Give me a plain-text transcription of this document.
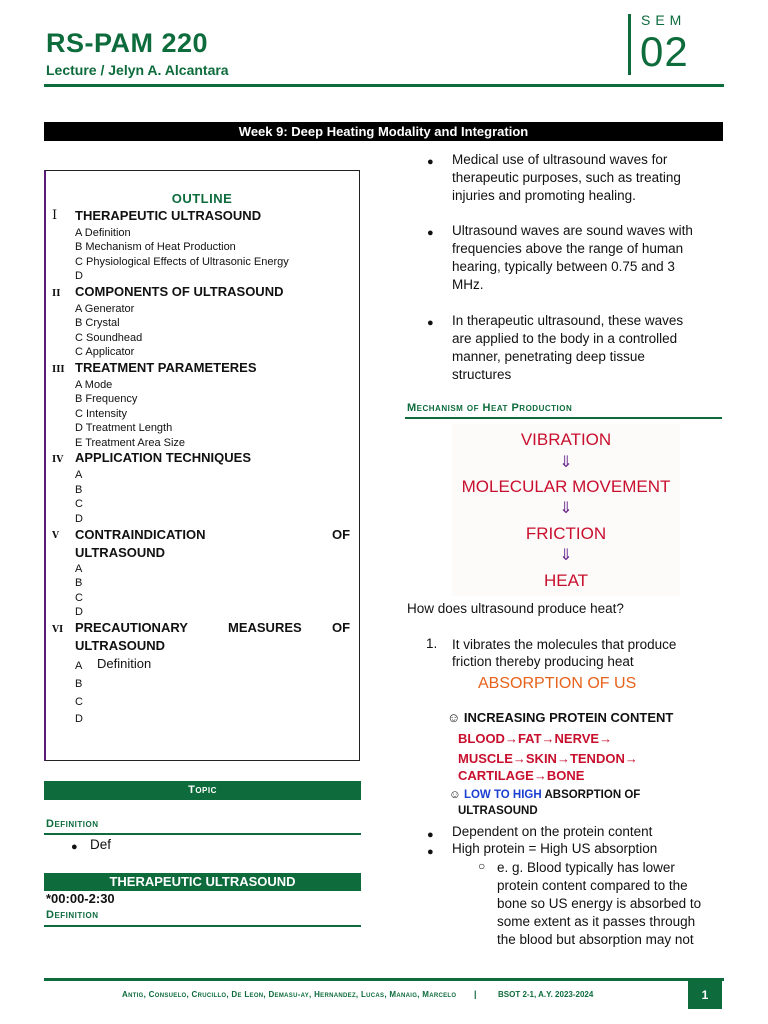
RS-PAM 220
Lecture / Jelyn A. Alcantara
SEM
02
Week 9: Deep Heating Modality and Integration
OUTLINE
I THERAPEUTIC ULTRASOUND
A Definition
B Mechanism of Heat Production
C Physiological Effects of Ultrasonic Energy
D
II COMPONENTS OF ULTRASOUND
A Generator
B Crystal
C Soundhead
C Applicator
III TREATMENT PARAMETERES
A Mode
B Frequency
C Intensity
D Treatment Length
E Treatment Area Size
IV APPLICATION TECHNIQUES
A
B
C
D
V CONTRAINDICATION	OF
ULTRASOUND
A
B
C
D
VI PRECAUTIONARY	MEASURES OF
ULTRASOUND
A Definition
B
C
D
Topic
Definition
● Def
THERAPEUTIC ULTRASOUND
*00:00-2:30
Definition
● Medical use of ultrasound waves for
therapeutic purposes, such as treating
injuries and promoting healing.
● Ultrasound waves are sound waves with
frequencies above the range of human
hearing, typically between 0.75 and 3
MHz.
● In therapeutic ultrasound, these waves
are applied to the body in a controlled
manner, penetrating deep tissue
structures
Mechanism of Heat Production
VIBRATION
⇓
MOLECULAR MOVEMENT
⇓
FRICTION
⇓
HEAT
How does ultrasound produce heat?
1. It vibrates the molecules that produce
friction thereby producing heat
ABSORPTION OF US
☺ INCREASING PROTEIN CONTENT
BLOOD→FAT→NERVE→
MUSCLE→SKIN→TENDON→
CARTILAGE→BONE
☺ LOW TO HIGH ABSORPTION OF
ULTRASOUND
● Dependent on the protein content
● High protein = High US absorption
○ e. g. Blood typically has lower
protein content compared to the
bone so US energy is absorbed to
some extent as it passes through
the blood but absorption may not
Antig, Consuelo, Crucillo, De Leon, Demasu-ay, Hernandez, Lucas, Manaig, Marcelo |	BSOT 2-1, A.Y. 2023-2024	1
